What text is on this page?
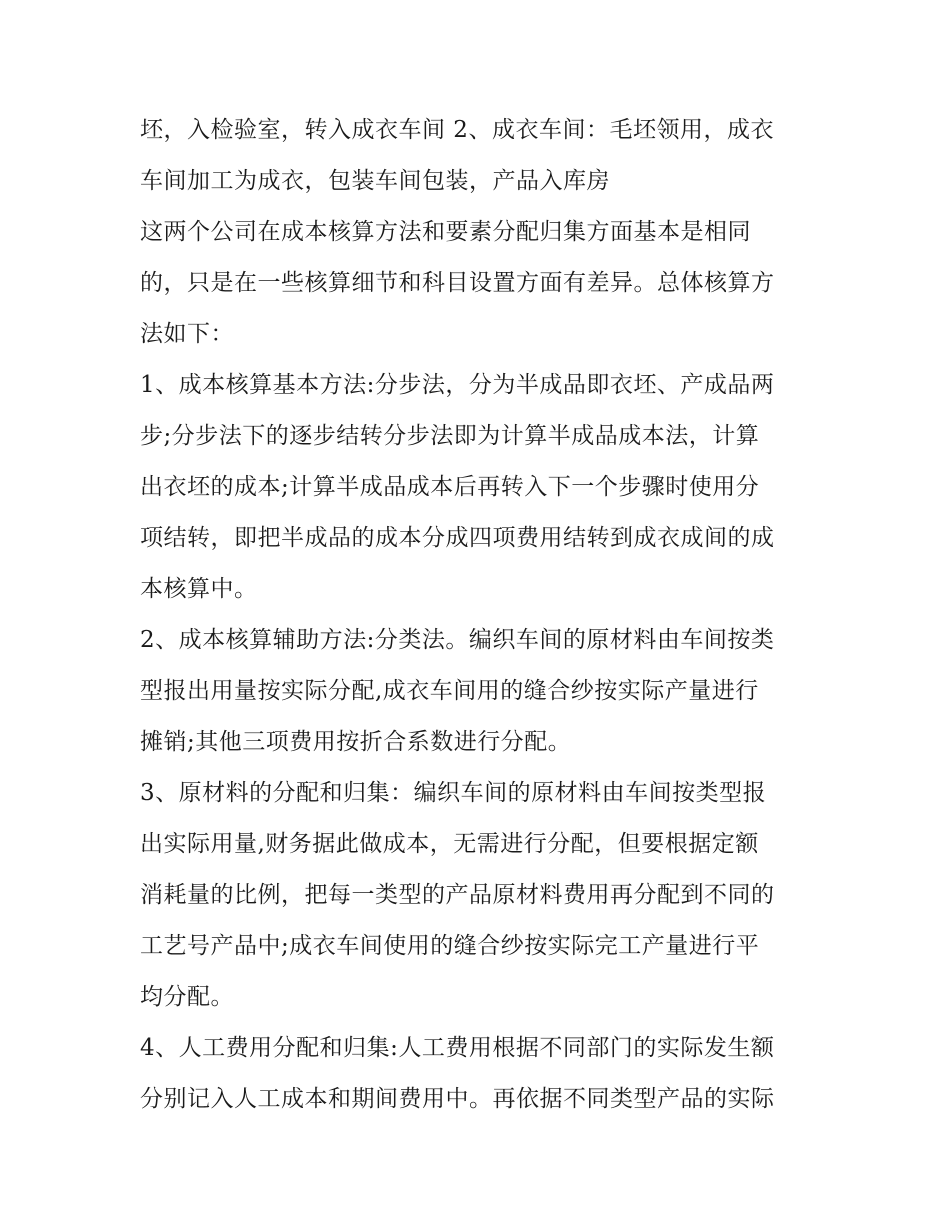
坯，入检验室，转入成衣车间 2、成衣车间：毛坯领用，成衣
车间加工为成衣，包装车间包装，产品入库房
这两个公司在成本核算方法和要素分配归集方面基本是相同
的，只是在一些核算细节和科目设置方面有差异。总体核算方
法如下：
1、成本核算基本方法:分步法，分为半成品即衣坯、产成品两
步;分步法下的逐步结转分步法即为计算半成品成本法，计算
出衣坯的成本;计算半成品成本后再转入下一个步骤时使用分
项结转，即把半成品的成本分成四项费用结转到成衣成间的成
本核算中。
2、成本核算辅助方法:分类法。编织车间的原材料由车间按类
型报出用量按实际分配,成衣车间用的缝合纱按实际产量进行
摊销;其他三项费用按折合系数进行分配。
3、原材料的分配和归集：编织车间的原材料由车间按类型报
出实际用量,财务据此做成本，无需进行分配，但要根据定额
消耗量的比例，把每一类型的产品原材料费用再分配到不同的
工艺号产品中;成衣车间使用的缝合纱按实际完工产量进行平
均分配。
4、人工费用分配和归集:人工费用根据不同部门的实际发生额
分别记入人工成本和期间费用中。再依据不同类型产品的实际
